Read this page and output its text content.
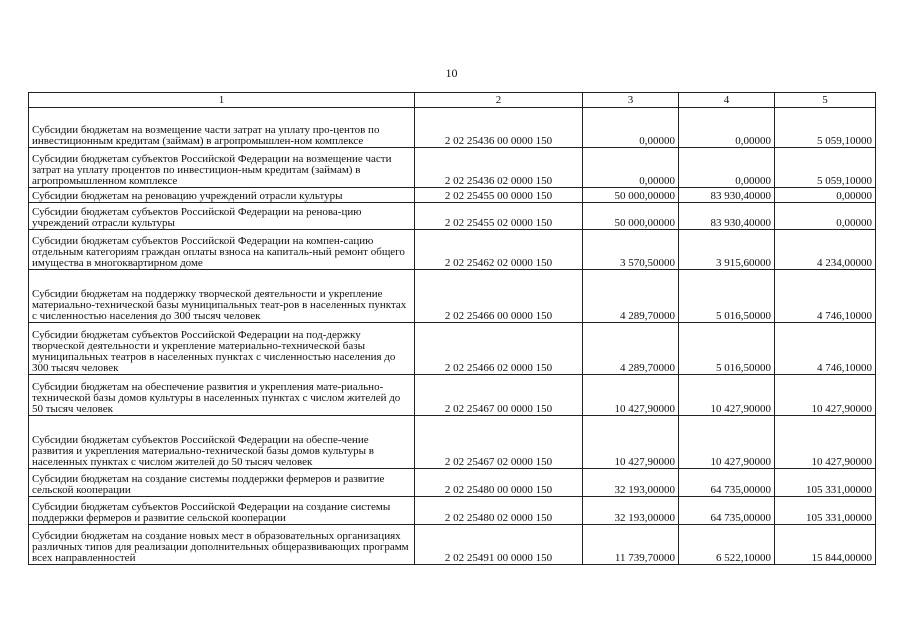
10
1	2	3	4	5
Субсидии бюджетам на возмещение части затрат на уплату про-центов по инвестиционным кредитам (займам) в агропромышлен-ном комплексе	2 02 25436 00 0000 150	0,00000	0,00000	5 059,10000
Субсидии бюджетам субъектов Российской Федерации на возмещение части затрат на уплату процентов по инвестицион-ным кредитам (займам) в агропромышленном комплексе	2 02 25436 02 0000 150	0,00000	0,00000	5 059,10000
Субсидии бюджетам на реновацию учреждений отрасли культуры	2 02 25455 00 0000 150	50 000,00000	83 930,40000	0,00000
Субсидии бюджетам субъектов Российской Федерации на ренова-цию учреждений отрасли культуры	2 02 25455 02 0000 150	50 000,00000	83 930,40000	0,00000
Субсидии бюджетам субъектов Российской Федерации на компен-сацию отдельным категориям граждан оплаты взноса на капиталь-ный ремонт общего имущества в многоквартирном доме	2 02 25462 02 0000 150	3 570,50000	3 915,60000	4 234,00000
Субсидии бюджетам на поддержку творческой деятельности и укрепление материально-технической базы муниципальных теат-ров в населенных пунктах с численностью населения до 300 тысяч человек	2 02 25466 00 0000 150	4 289,70000	5 016,50000	4 746,10000
Субсидии бюджетам субъектов Российской Федерации на под-держку творческой деятельности и укрепление материально-технической базы муниципальных театров в населенных пунктах с численностью населения до 300 тысяч человек	2 02 25466 02 0000 150	4 289,70000	5 016,50000	4 746,10000
Субсидии бюджетам на обеспечение развития и укрепления мате-риально-технической базы домов культуры в населенных пунктах с числом жителей до 50 тысяч человек	2 02 25467 00 0000 150	10 427,90000	10 427,90000	10 427,90000
Субсидии бюджетам субъектов Российской Федерации на обеспе-чение развития и укрепления материально-технической базы домов культуры в населенных пунктах с числом жителей до 50 тысяч человек	2 02 25467 02 0000 150	10 427,90000	10 427,90000	10 427,90000
Субсидии бюджетам на создание системы поддержки фермеров и развитие сельской кооперации	2 02 25480 00 0000 150	32 193,00000	64 735,00000	105 331,00000
Субсидии бюджетам субъектов Российской Федерации на создание системы поддержки фермеров и развитие сельской кооперации	2 02 25480 02 0000 150	32 193,00000	64 735,00000	105 331,00000
Субсидии бюджетам на создание новых мест в образовательных организациях различных типов для реализации дополнительных общеразвивающих программ всех направленностей	2 02 25491 00 0000 150	11 739,70000	6 522,10000	15 844,00000
